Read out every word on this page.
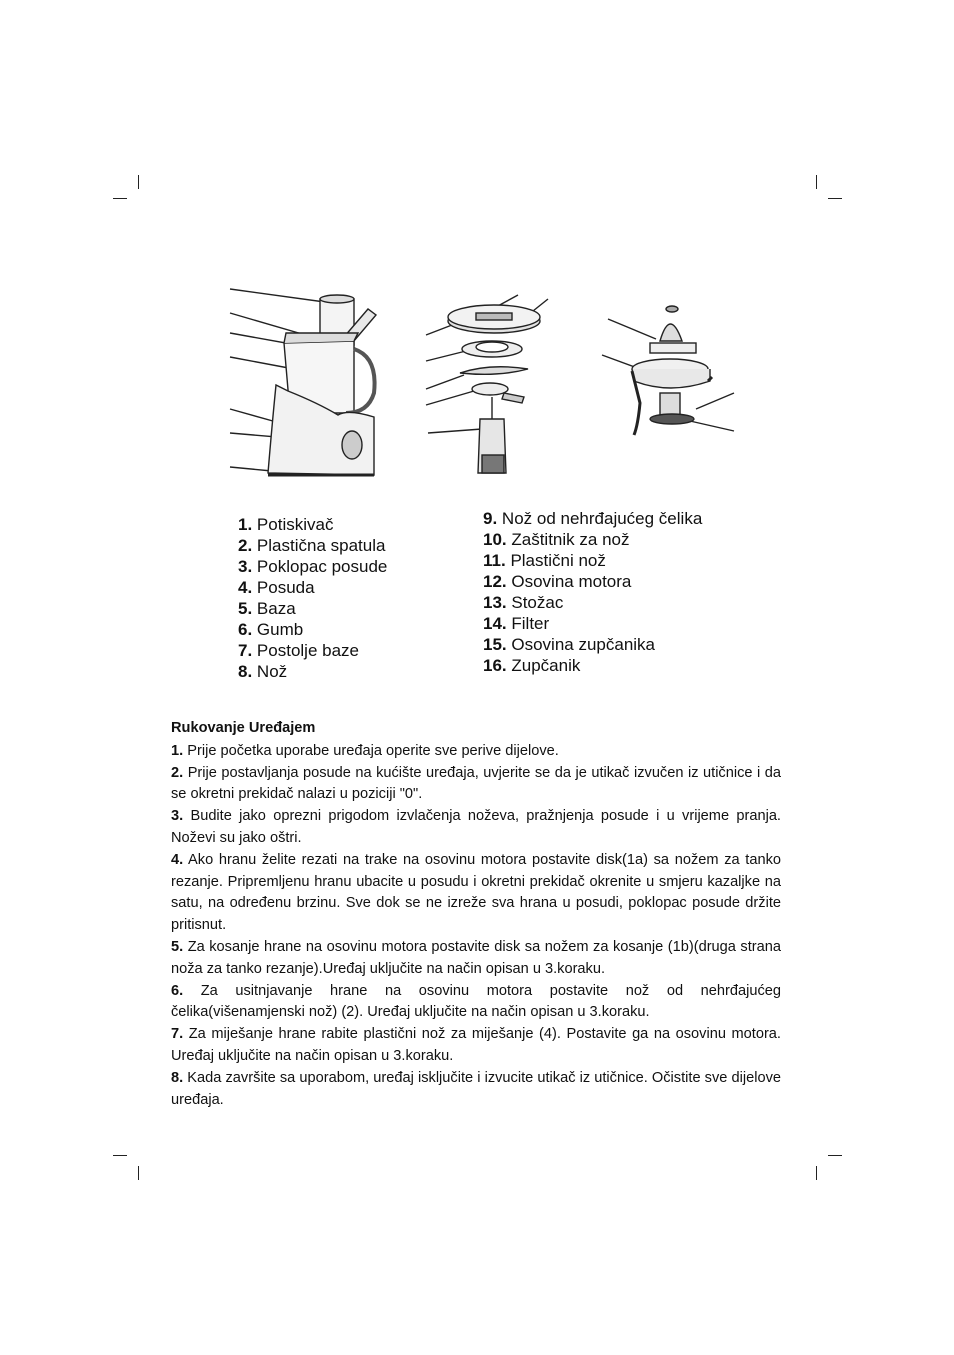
1. Potiskivač
2. Plastična spatula
3. Poklopac posude
4. Posuda
5. Baza
6. Gumb
7. Postolje baze
8. Nož
9. Nož od nehrđajućeg čelika
10. Zaštitnik za nož
11. Plastični nož
12. Osovina motora
13. Stožac
14. Filter
15. Osovina zupčanika
16. Zupčanik
Rukovanje Uređajem

1. Prije početka uporabe uređaja operite sve perive dijelove.

2. Prije postavljanja posude na kućište uređaja, uvjerite se da je utikač izvučen iz utičnice i da se okretni prekidač nalazi u poziciji "0".

3. Budite jako oprezni prigodom izvlačenja noževa, pražnjenja posude i u vrijeme pranja. Noževi su jako oštri.

4. Ako hranu želite rezati na trake na osovinu motora postavite disk(1a) sa nožem za tanko rezanje. Pripremljenu hranu ubacite u posudu i okretni prekidač okrenite u smjeru kazaljke na satu, na određenu brzinu. Sve dok se ne izreže sva hrana u posudi, poklopac posude držite pritisnut.

5. Za kosanje hrane na osovinu motora postavite disk sa nožem za kosanje (1b)(druga strana noža za tanko rezanje).Uređaj uključite na način opisan u 3.koraku.

6. Za usitnjavanje hrane na osovinu motora postavite nož od nehrđajućeg čelika(višenamjenski nož) (2). Uređaj uključite na način opisan u 3.koraku.

7. Za miješanje hrane rabite plastični nož za miješanje (4). Postavite ga na osovinu motora. Uređaj uključite na način opisan u 3.koraku.

8. Kada završite sa uporabom, uređaj isključite i izvucite utikač iz utičnice. Očistite sve dijelove uređaja.
